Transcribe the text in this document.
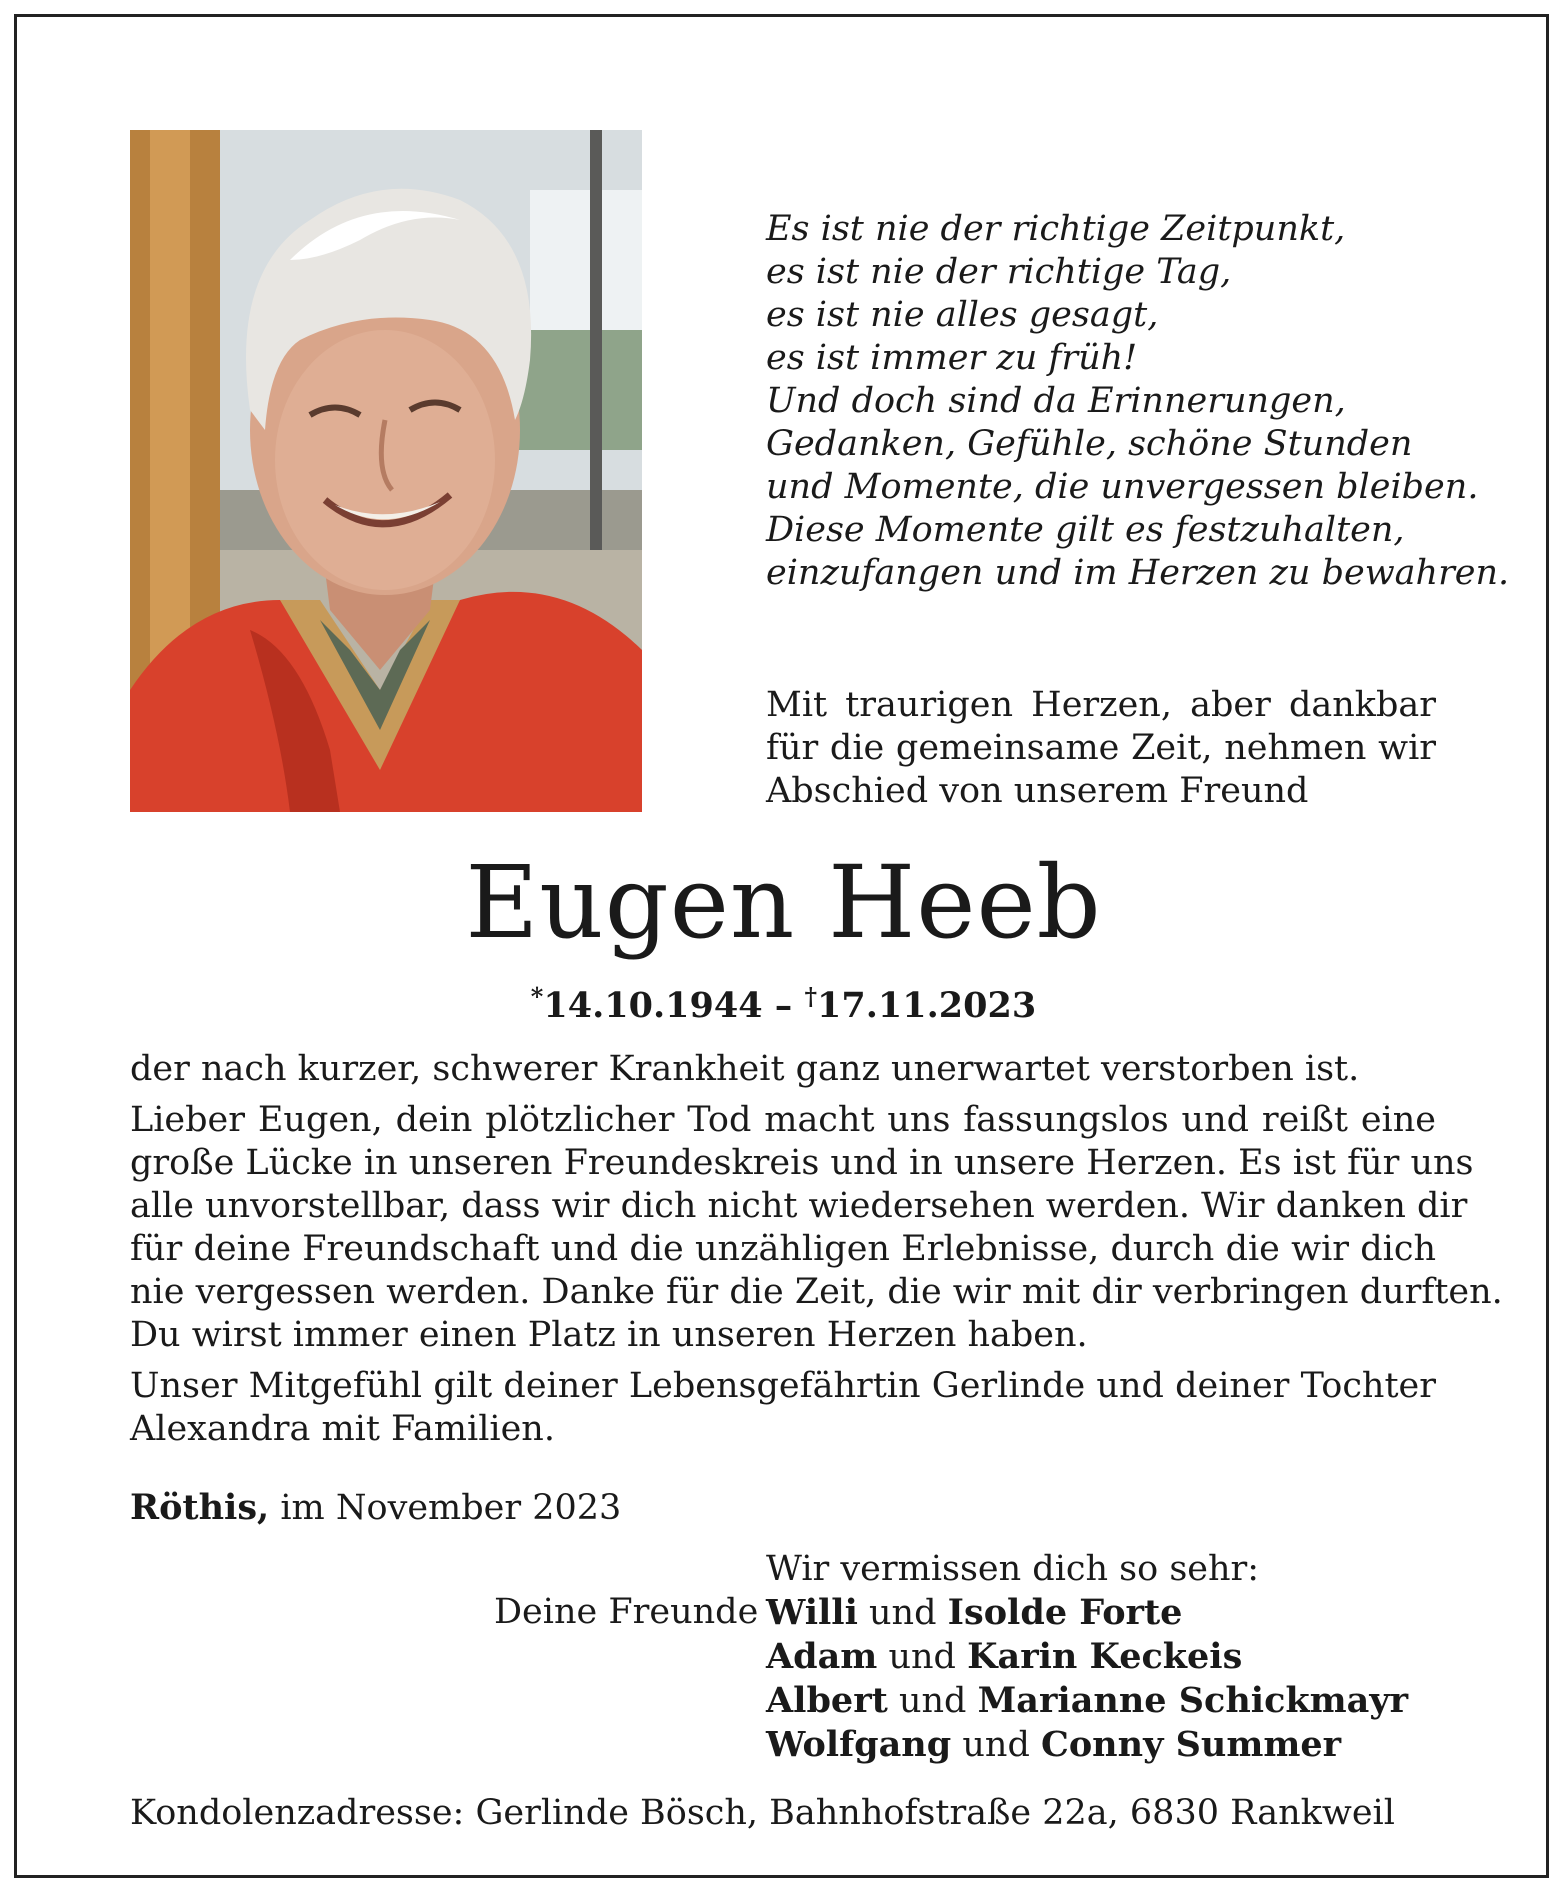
Es ist nie der richtige Zeitpunkt,
es ist nie der richtige Tag,
es ist nie alles gesagt,
es ist immer zu früh!
Und doch sind da Erinnerungen,
Gedanken, Gefühle, schöne Stunden
und Momente, die unvergessen bleiben.
Diese Momente gilt es festzuhalten,
einzufangen und im Herzen zu bewahren.
Mit traurigen Herzen, aber dankbar
für die gemeinsame Zeit, nehmen wir
Abschied von unserem Freund
Eugen Heeb
*14.10.1944 – †17.11.2023

der nach kurzer, schwerer Krankheit ganz unerwartet verstorben ist.

Lieber Eugen, dein plötzlicher Tod macht uns fassungslos und reißt eine
große Lücke in unseren Freundeskreis und in unsere Herzen. Es ist für uns
alle unvorstellbar, dass wir dich nicht wiedersehen werden. Wir danken dir
für deine Freundschaft und die unzähligen Erlebnisse, durch die wir dich
nie vergessen werden. Danke für die Zeit, die wir mit dir verbringen durften.
Du wirst immer einen Platz in unseren Herzen haben.

Unser Mitgefühl gilt deiner Lebensgefährtin Gerlinde und deiner Tochter
Alexandra mit Familien.

Röthis, im November 2023
Wir vermissen dich so sehr:
Deine Freunde Willi und Isolde Forte
Adam und Karin Keckeis
Albert und Marianne Schickmayr
Wolfgang und Conny Summer
Kondolenzadresse: Gerlinde Bösch, Bahnhofstraße 22a, 6830 Rankweil
